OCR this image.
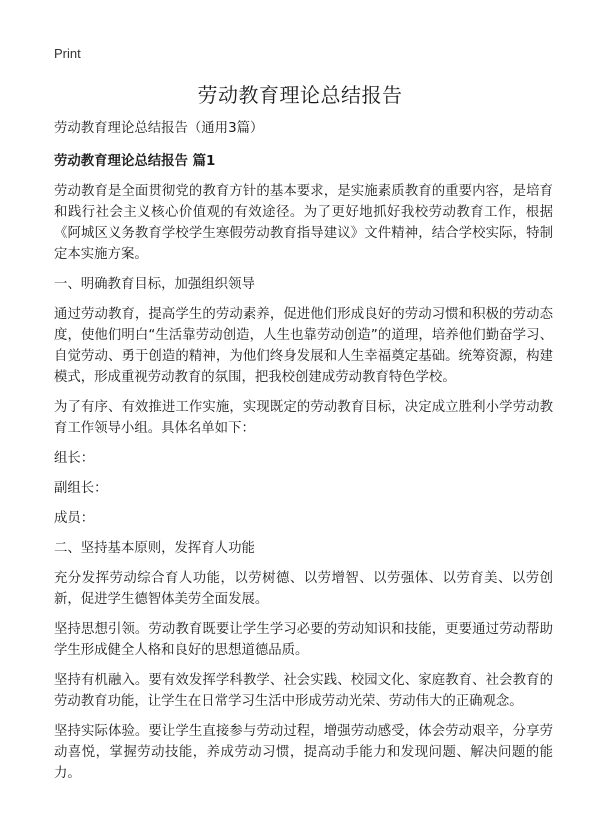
Print
劳动教育理论总结报告

劳动教育理论总结报告（通用3篇）

劳动教育理论总结报告 篇1

劳动教育是全面贯彻党的教育方针的基本要求，是实施素质教育的重要内容，是培育和践行社会主义核心价值观的有效途径。为了更好地抓好我校劳动教育工作，根据《阿城区义务教育学校学生寒假劳动教育指导建议》文件精神，结合学校实际，特制定本实施方案。

一、明确教育目标，加强组织领导

通过劳动教育，提高学生的劳动素养，促进他们形成良好的劳动习惯和积极的劳动态度，使他们明白“生活靠劳动创造，人生也靠劳动创造”的道理，培养他们勤奋学习、自觉劳动、勇于创造的精神，为他们终身发展和人生幸福奠定基础。统筹资源，构建模式，形成重视劳动教育的氛围，把我校创建成劳动教育特色学校。

为了有序、有效推进工作实施，实现既定的劳动教育目标，决定成立胜利小学劳动教育工作领导小组。具体名单如下：

组长：

副组长：

成员：

二、坚持基本原则，发挥育人功能

充分发挥劳动综合育人功能，以劳树德、以劳增智、以劳强体、以劳育美、以劳创新，促进学生德智体美劳全面发展。

坚持思想引领。劳动教育既要让学生学习必要的劳动知识和技能，更要通过劳动帮助学生形成健全人格和良好的思想道德品质。

坚持有机融入。要有效发挥学科教学、社会实践、校园文化、家庭教育、社会教育的劳动教育功能，让学生在日常学习生活中形成劳动光荣、劳动伟大的正确观念。

坚持实际体验。要让学生直接参与劳动过程，增强劳动感受，体会劳动艰辛，分享劳动喜悦，掌握劳动技能，养成劳动习惯，提高动手能力和发现问题、解决问题的能力。
